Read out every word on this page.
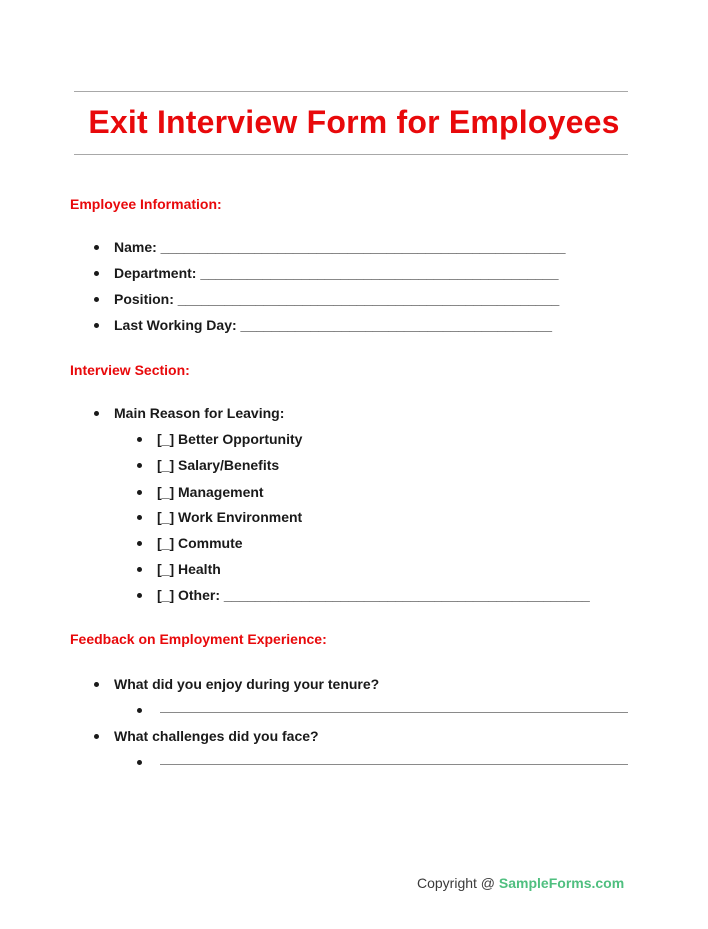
Exit Interview Form for Employees
Employee Information:
Name: ____________________________________________________
Department: ______________________________________________
Position: _________________________________________________
Last Working Day: ________________________________________
Interview Section:
Main Reason for Leaving:
[_] Better Opportunity
[_] Salary/Benefits
[_] Management
[_] Work Environment
[_] Commute
[_] Health
[_] Other: _______________________________________________
Feedback on Employment Experience:
What did you enjoy during your tenure?
What challenges did you face?
Copyright @ SampleForms.com
